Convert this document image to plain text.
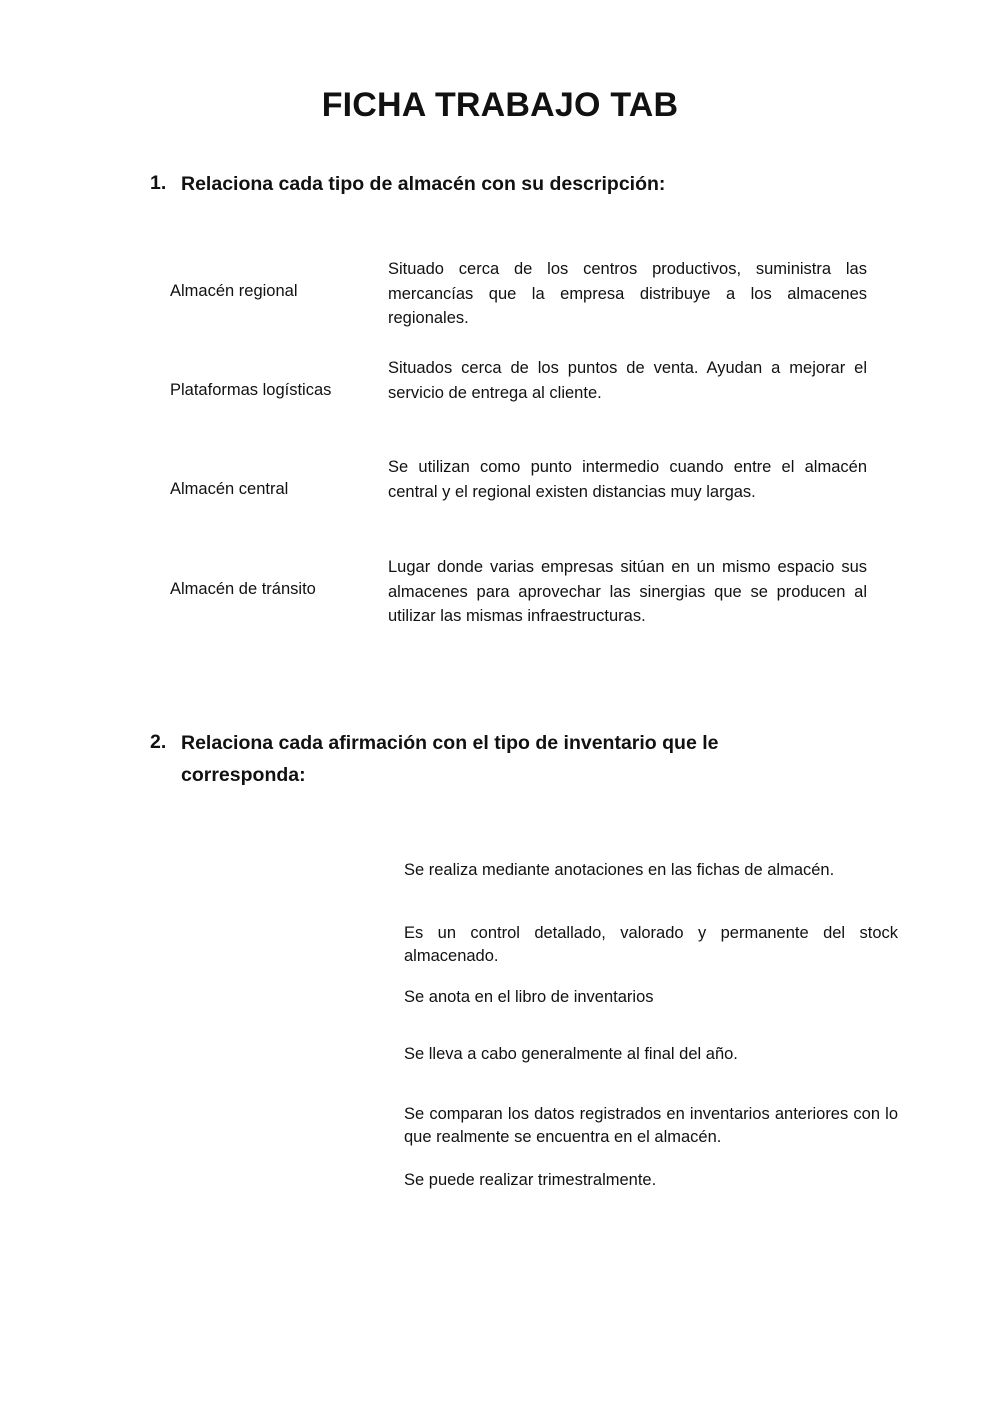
FICHA TRABAJO TAB
1. Relaciona cada tipo de almacén con su descripción:
Almacén regional
Plataformas logísticas
Almacén central
Almacén de tránsito
Situado cerca de los centros productivos, suministra las mercancías que la empresa distribuye a los almacenes regionales.
Situados cerca de los puntos de venta. Ayudan a mejorar el servicio de entrega al cliente.
Se utilizan como punto intermedio cuando entre el almacén central y el regional existen distancias muy largas.
Lugar donde varias empresas sitúan en un mismo espacio sus almacenes para aprovechar las sinergias que se producen al utilizar las mismas infraestructuras.
2. Relaciona cada afirmación con el tipo de inventario que le
corresponda:
Se realiza mediante anotaciones en las fichas de almacén.
Es un control detallado, valorado y permanente del stock almacenado.
Se anota en el libro de inventarios
Se lleva a cabo generalmente al final del año.
Se comparan los datos registrados en inventarios anteriores con lo que realmente se encuentra en el almacén.
Se puede realizar trimestralmente.
